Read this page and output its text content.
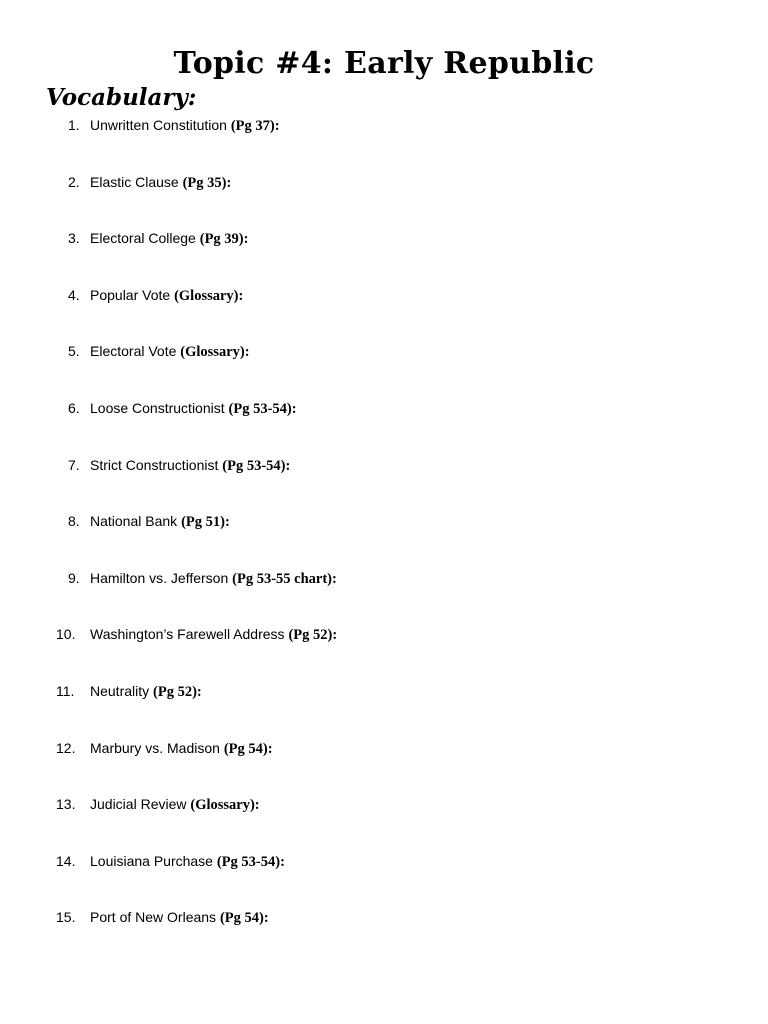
Topic #4: Early Republic
Vocabulary:
1. Unwritten Constitution (Pg 37):
2. Elastic Clause (Pg 35):
3. Electoral College (Pg 39):
4. Popular Vote (Glossary):
5. Electoral Vote (Glossary):
6. Loose Constructionist (Pg 53-54):
7. Strict Constructionist (Pg 53-54):
8. National Bank (Pg 51):
9. Hamilton vs. Jefferson (Pg 53-55 chart):
10.	Washington’s Farewell Address (Pg 52):
11.	Neutrality (Pg 52):
12.	Marbury vs. Madison (Pg 54):
13.	Judicial Review (Glossary):
14.	Louisiana Purchase (Pg 53-54):
15.	Port of New Orleans (Pg 54):
